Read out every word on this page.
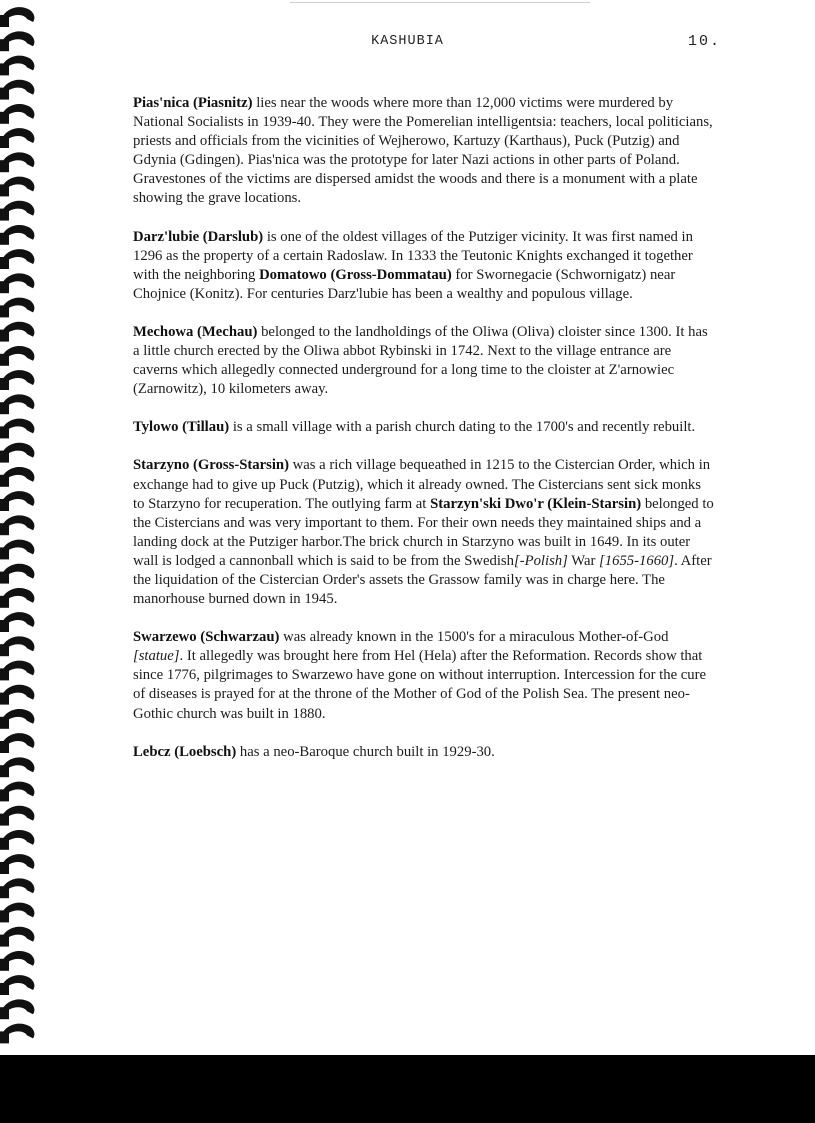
KASHUBIA	10.

Pias'nica (Piasnitz) lies near the woods where more than 12,000 victims were murdered by National Socialists in 1939-40. They were the Pomerelian intelligentsia: teachers, local politicians, priests and officials from the vicinities of Wejherowo, Kartuzy (Karthaus), Puck (Putzig) and Gdynia (Gdingen). Pias'nica was the prototype for later Nazi actions in other parts of Poland. Gravestones of the victims are dispersed amidst the woods and there is a monument with a plate showing the grave locations.

Darz'lubie (Darslub) is one of the oldest villages of the Putziger vicinity. It was first named in 1296 as the property of a certain Radoslaw. In 1333 the Teutonic Knights exchanged it together with the neighboring Domatowo (Gross-Dommatau) for Swornegacie (Schwornigatz) near Chojnice (Konitz). For centuries Darz'lubie has been a wealthy and populous village.

Mechowa (Mechau) belonged to the landholdings of the Oliwa (Oliva) cloister since 1300. It has a little church erected by the Oliwa abbot Rybinski in 1742. Next to the village entrance are caverns which allegedly connected underground for a long time to the cloister at Z'arnowiec (Zarnowitz), 10 kilometers away.

Tylowo (Tillau) is a small village with a parish church dating to the 1700's and recently rebuilt.

Starzyno (Gross-Starsin) was a rich village bequeathed in 1215 to the Cistercian Order, which in exchange had to give up Puck (Putzig), which it already owned. The Cistercians sent sick monks to Starzyno for recuperation. The outlying farm at Starzyn'ski Dwo'r (Klein-Starsin) belonged to the Cistercians and was very important to them. For their own needs they maintained ships and a landing dock at the Putziger harbor.The brick church in Starzyno was built in 1649. In its outer wall is lodged a cannonball which is said to be from the Swedish[-Polish] War [1655-1660]. After the liquidation of the Cistercian Order's assets the Grassow family was in charge here. The manorhouse burned down in 1945.

Swarzewo (Schwarzau) was already known in the 1500's for a miraculous Mother-of-God [statue]. It allegedly was brought here from Hel (Hela) after the Reformation. Records show that since 1776, pilgrimages to Swarzewo have gone on without interruption. Intercession for the cure of diseases is prayed for at the throne of the Mother of God of the Polish Sea. The present neo-Gothic church was built in 1880.

Lebcz (Loebsch) has a neo-Baroque church built in 1929-30.
